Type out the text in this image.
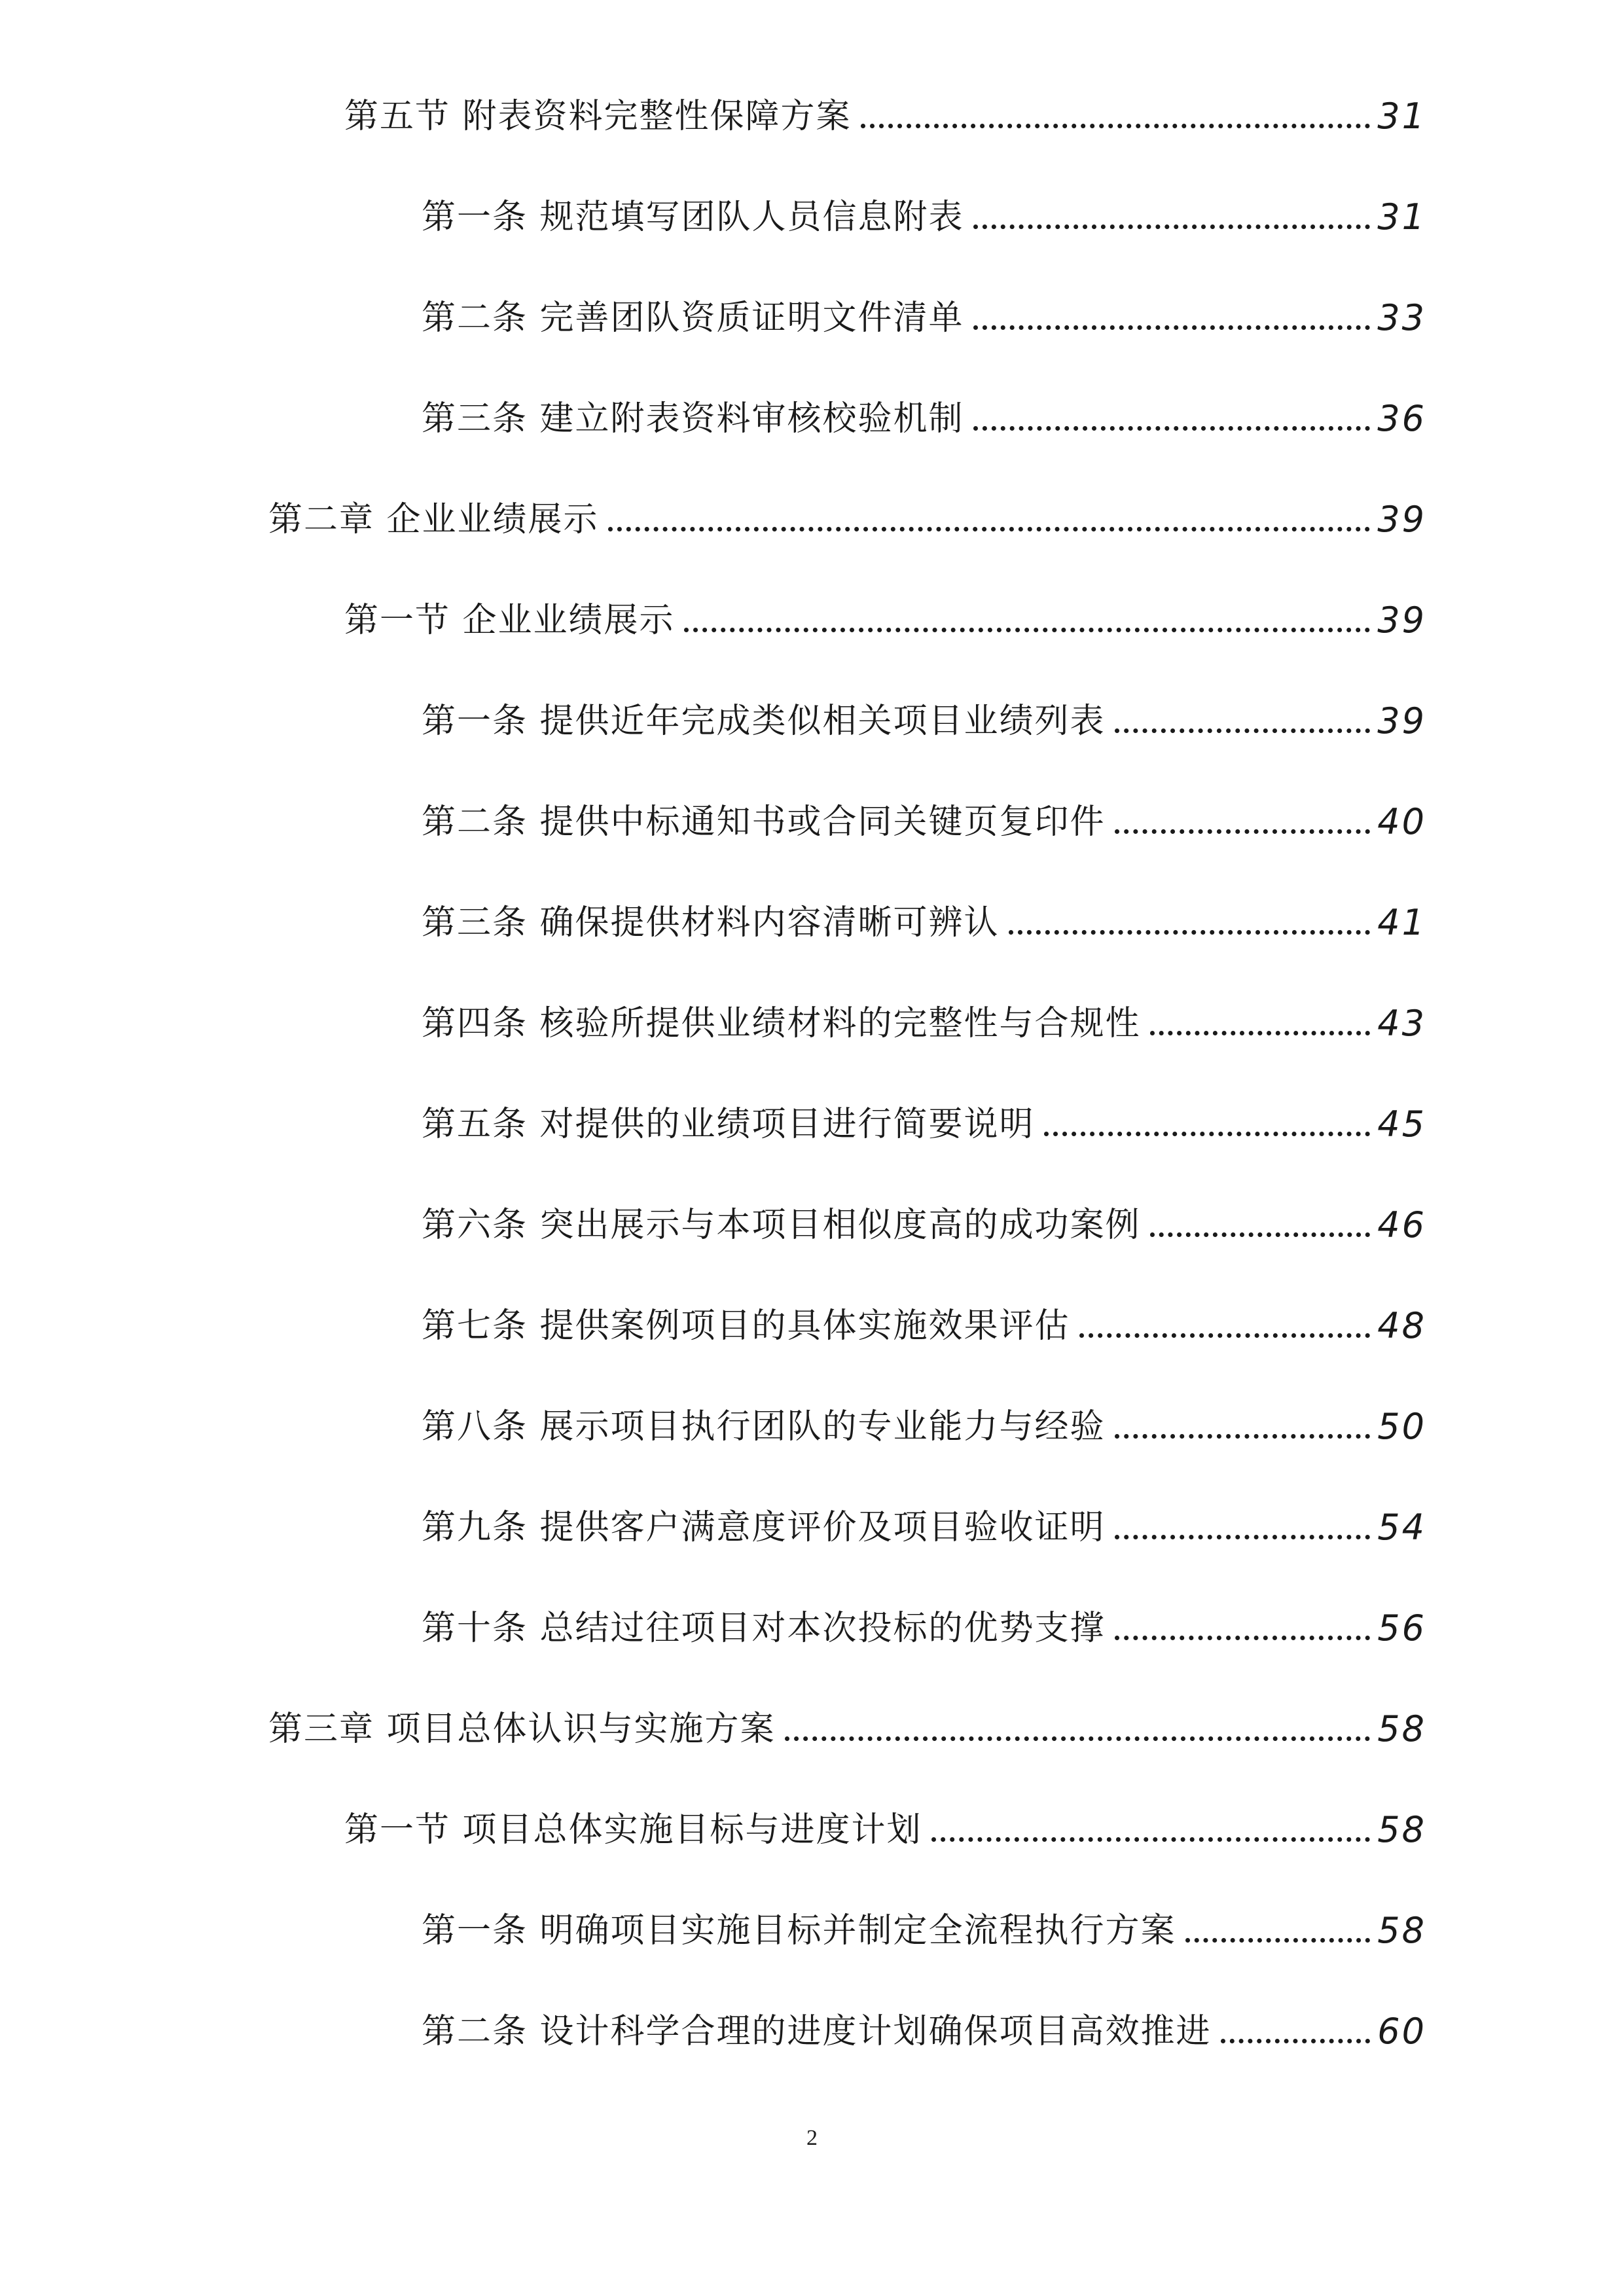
第五节 附表资料完整性保障方案	31
第一条 规范填写团队人员信息附表	31
第二条 完善团队资质证明文件清单	33
第三条 建立附表资料审核校验机制	36
第二章 企业业绩展示	39
第一节 企业业绩展示	39
第一条 提供近年完成类似相关项目业绩列表	39
第二条 提供中标通知书或合同关键页复印件	40
第三条 确保提供材料内容清晰可辨认	41
第四条 核验所提供业绩材料的完整性与合规性	43
第五条 对提供的业绩项目进行简要说明	45
第六条 突出展示与本项目相似度高的成功案例	46
第七条 提供案例项目的具体实施效果评估	48
第八条 展示项目执行团队的专业能力与经验	50
第九条 提供客户满意度评价及项目验收证明	54
第十条 总结过往项目对本次投标的优势支撑	56
第三章 项目总体认识与实施方案	58
第一节 项目总体实施目标与进度计划	58
第一条 明确项目实施目标并制定全流程执行方案	58
第二条 设计科学合理的进度计划确保项目高效推进	60
2
